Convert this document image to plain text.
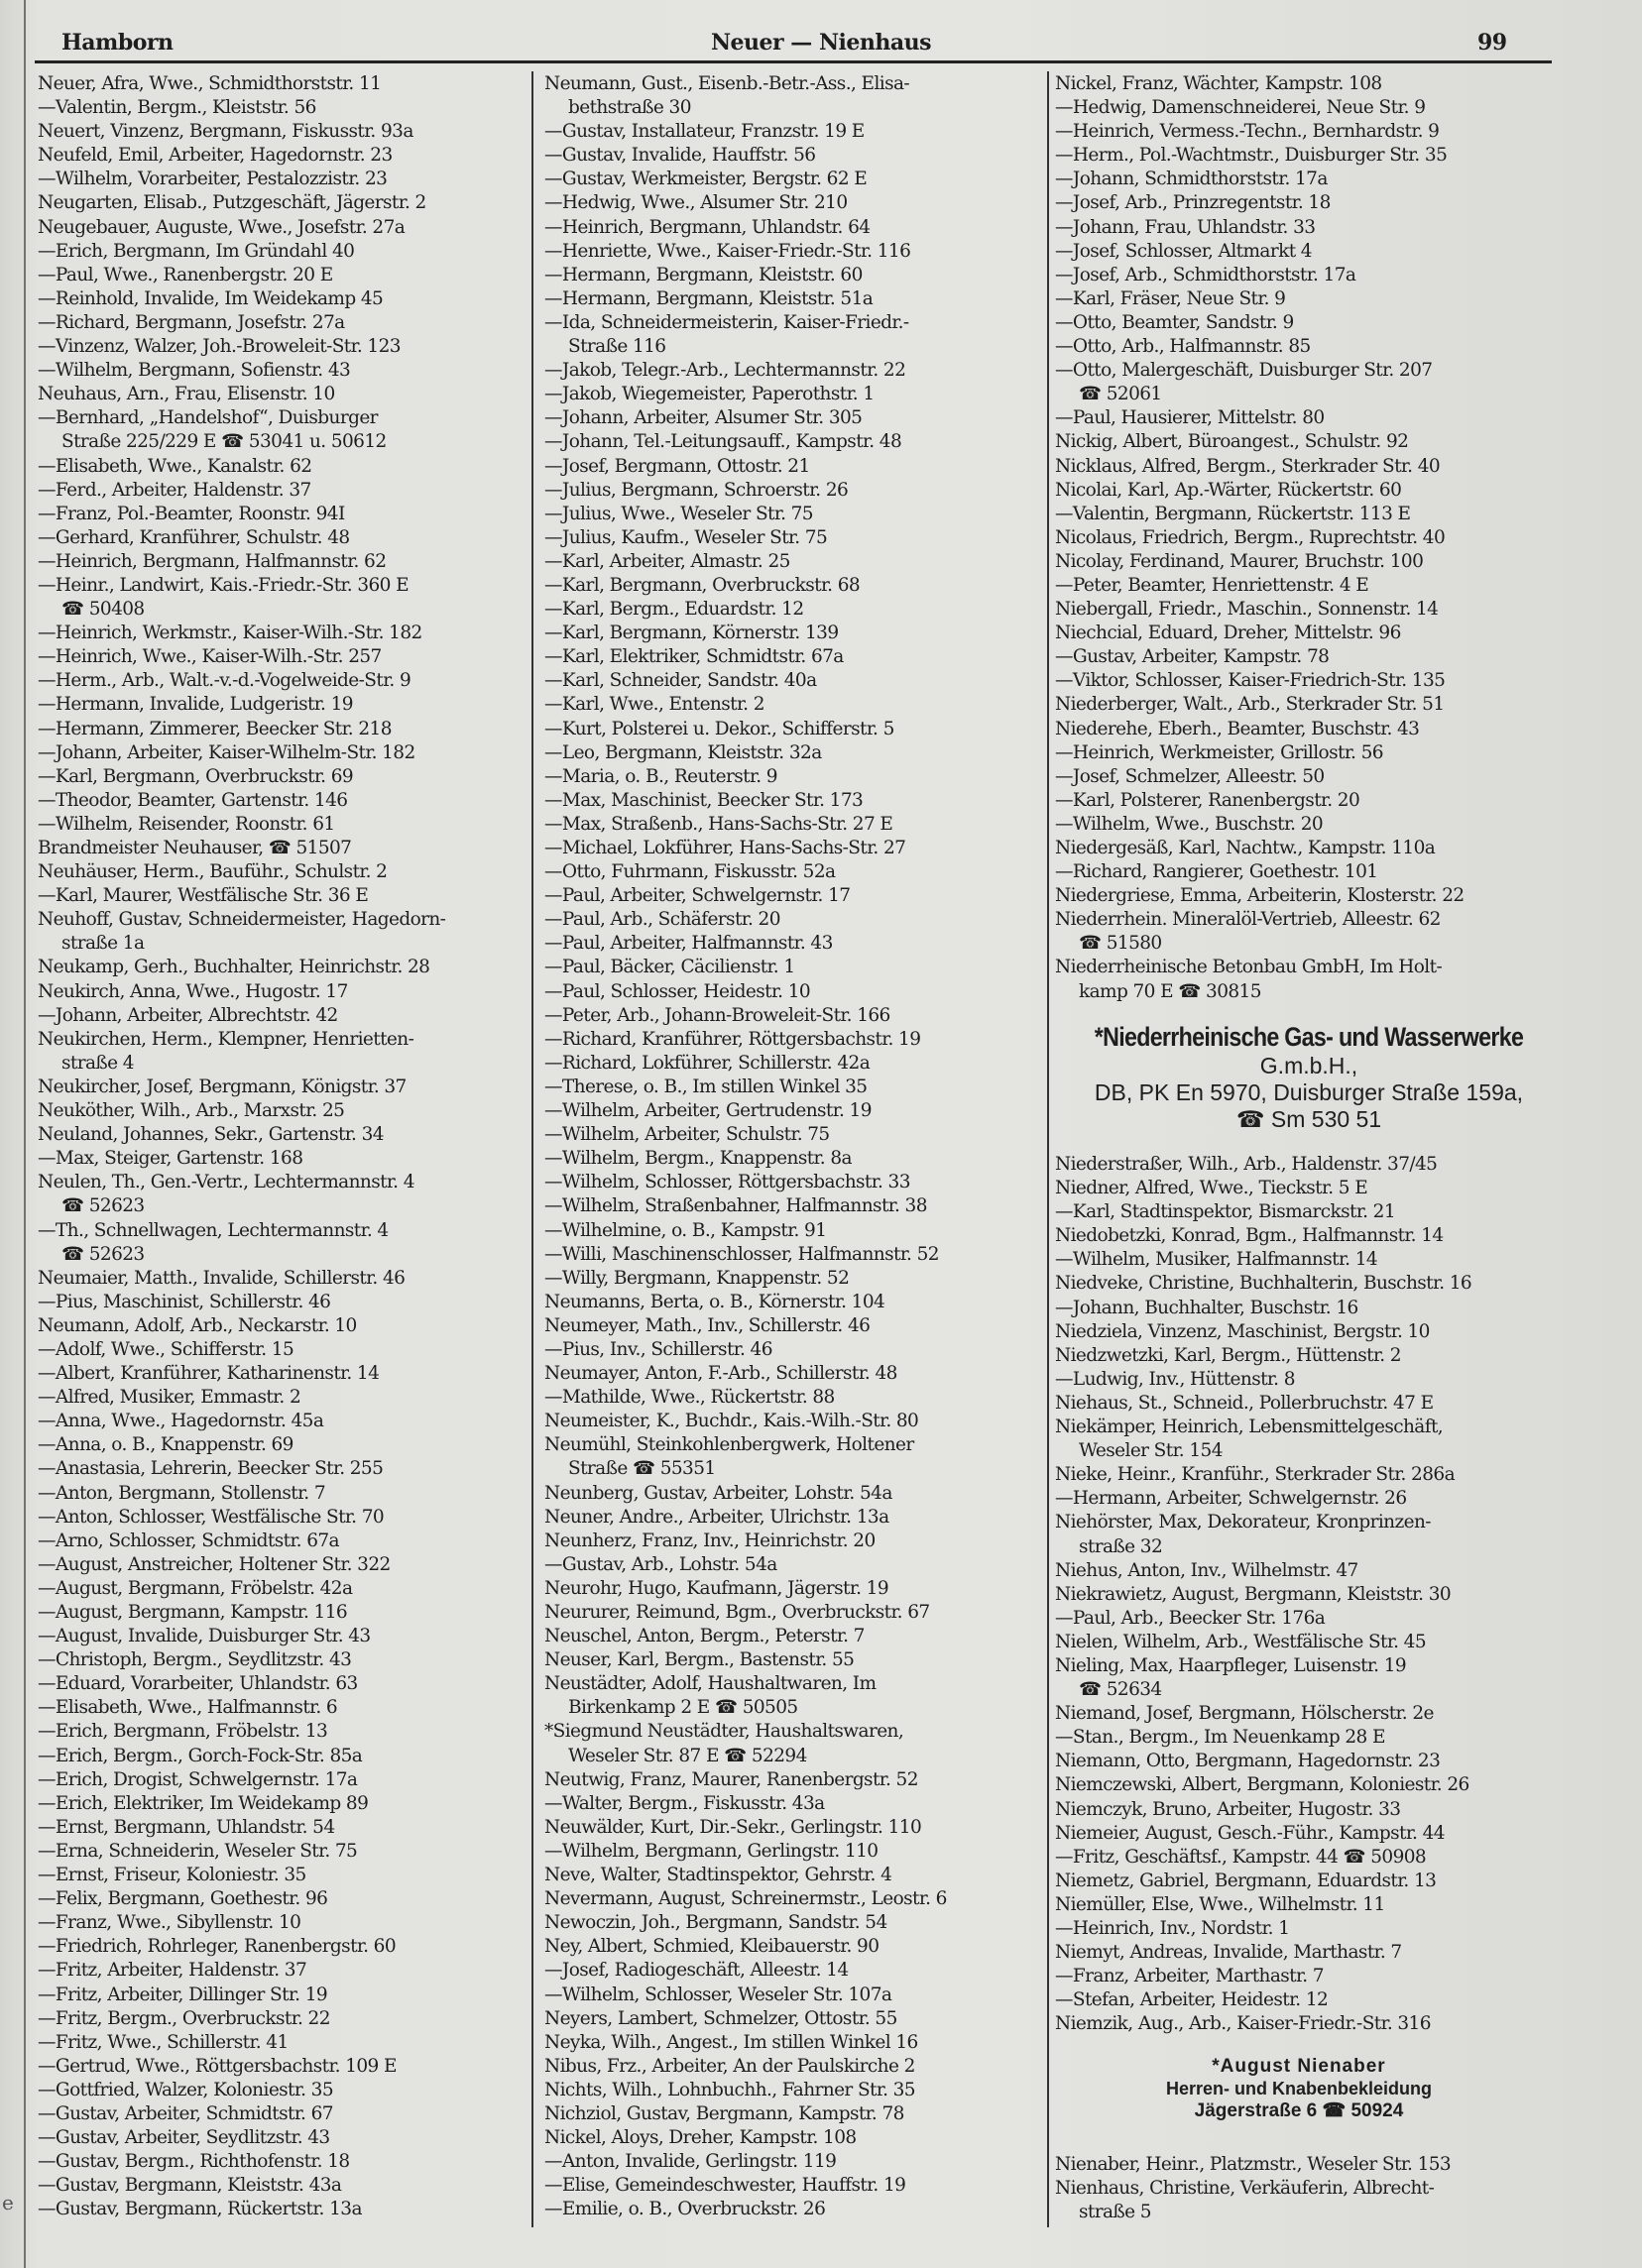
e
Hamborn	Neuer — Nienhaus	99
Neuer, Afra, Wwe., Schmidthorststr. 11
—Valentin, Bergm., Kleiststr. 56
Neuert, Vinzenz, Bergmann, Fiskusstr. 93a
Neufeld, Emil, Arbeiter, Hagedornstr. 23
—Wilhelm, Vorarbeiter, Pestalozzistr. 23
Neugarten, Elisab., Putzgeschäft, Jägerstr. 2
Neugebauer, Auguste, Wwe., Josefstr. 27a
—Erich, Bergmann, Im Gründahl 40
—Paul, Wwe., Ranenbergstr. 20 E
—Reinhold, Invalide, Im Weidekamp 45
—Richard, Bergmann, Josefstr. 27a
—Vinzenz, Walzer, Joh.-Broweleit-Str. 123
—Wilhelm, Bergmann, Sofienstr. 43
Neuhaus, Arn., Frau, Elisenstr. 10
—Bernhard, „Handelshof“, Duisburger
Straße 225/229 E ☎ 53041 u. 50612
—Elisabeth, Wwe., Kanalstr. 62
—Ferd., Arbeiter, Haldenstr. 37
—Franz, Pol.-Beamter, Roonstr. 94I
—Gerhard, Kranführer, Schulstr. 48
—Heinrich, Bergmann, Halfmannstr. 62
—Heinr., Landwirt, Kais.-Friedr.-Str. 360 E
☎ 50408
—Heinrich, Werkmstr., Kaiser-Wilh.-Str. 182
—Heinrich, Wwe., Kaiser-Wilh.-Str. 257
—Herm., Arb., Walt.-v.-d.-Vogelweide-Str. 9
—Hermann, Invalide, Ludgeristr. 19
—Hermann, Zimmerer, Beecker Str. 218
—Johann, Arbeiter, Kaiser-Wilhelm-Str. 182
—Karl, Bergmann, Overbruckstr. 69
—Theodor, Beamter, Gartenstr. 146
—Wilhelm, Reisender, Roonstr. 61
Brandmeister Neuhauser, ☎ 51507
Neuhäuser, Herm., Bauführ., Schulstr. 2
—Karl, Maurer, Westfälische Str. 36 E
Neuhoff, Gustav, Schneidermeister, Hagedorn-
straße 1a
Neukamp, Gerh., Buchhalter, Heinrichstr. 28
Neukirch, Anna, Wwe., Hugostr. 17
—Johann, Arbeiter, Albrechtstr. 42
Neukirchen, Herm., Klempner, Henrietten-
straße 4
Neukircher, Josef, Bergmann, Königstr. 37
Neuköther, Wilh., Arb., Marxstr. 25
Neuland, Johannes, Sekr., Gartenstr. 34
—Max, Steiger, Gartenstr. 168
Neulen, Th., Gen.-Vertr., Lechtermannstr. 4
☎ 52623
—Th., Schnellwagen, Lechtermannstr. 4
☎ 52623
Neumaier, Matth., Invalide, Schillerstr. 46
—Pius, Maschinist, Schillerstr. 46
Neumann, Adolf, Arb., Neckarstr. 10
—Adolf, Wwe., Schifferstr. 15
—Albert, Kranführer, Katharinenstr. 14
—Alfred, Musiker, Emmastr. 2
—Anna, Wwe., Hagedornstr. 45a
—Anna, o. B., Knappenstr. 69
—Anastasia, Lehrerin, Beecker Str. 255
—Anton, Bergmann, Stollenstr. 7
—Anton, Schlosser, Westfälische Str. 70
—Arno, Schlosser, Schmidtstr. 67a
—August, Anstreicher, Holtener Str. 322
—August, Bergmann, Fröbelstr. 42a
—August, Bergmann, Kampstr. 116
—August, Invalide, Duisburger Str. 43
—Christoph, Bergm., Seydlitzstr. 43
—Eduard, Vorarbeiter, Uhlandstr. 63
—Elisabeth, Wwe., Halfmannstr. 6
—Erich, Bergmann, Fröbelstr. 13
—Erich, Bergm., Gorch-Fock-Str. 85a
—Erich, Drogist, Schwelgernstr. 17a
—Erich, Elektriker, Im Weidekamp 89
—Ernst, Bergmann, Uhlandstr. 54
—Erna, Schneiderin, Weseler Str. 75
—Ernst, Friseur, Koloniestr. 35
—Felix, Bergmann, Goethestr. 96
—Franz, Wwe., Sibyllenstr. 10
—Friedrich, Rohrleger, Ranenbergstr. 60
—Fritz, Arbeiter, Haldenstr. 37
—Fritz, Arbeiter, Dillinger Str. 19
—Fritz, Bergm., Overbruckstr. 22
—Fritz, Wwe., Schillerstr. 41
—Gertrud, Wwe., Röttgersbachstr. 109 E
—Gottfried, Walzer, Koloniestr. 35
—Gustav, Arbeiter, Schmidtstr. 67
—Gustav, Arbeiter, Seydlitzstr. 43
—Gustav, Bergm., Richthofenstr. 18
—Gustav, Bergmann, Kleiststr. 43a
—Gustav, Bergmann, Rückertstr. 13a
Neumann, Gust., Eisenb.-Betr.-Ass., Elisa-
bethstraße 30
—Gustav, Installateur, Franzstr. 19 E
—Gustav, Invalide, Hauffstr. 56
—Gustav, Werkmeister, Bergstr. 62 E
—Hedwig, Wwe., Alsumer Str. 210
—Heinrich, Bergmann, Uhlandstr. 64
—Henriette, Wwe., Kaiser-Friedr.-Str. 116
—Hermann, Bergmann, Kleiststr. 60
—Hermann, Bergmann, Kleiststr. 51a
—Ida, Schneidermeisterin, Kaiser-Friedr.-
Straße 116
—Jakob, Telegr.-Arb., Lechtermannstr. 22
—Jakob, Wiegemeister, Paperothstr. 1
—Johann, Arbeiter, Alsumer Str. 305
—Johann, Tel.-Leitungsauff., Kampstr. 48
—Josef, Bergmann, Ottostr. 21
—Julius, Bergmann, Schroerstr. 26
—Julius, Wwe., Weseler Str. 75
—Julius, Kaufm., Weseler Str. 75
—Karl, Arbeiter, Almastr. 25
—Karl, Bergmann, Overbruckstr. 68
—Karl, Bergm., Eduardstr. 12
—Karl, Bergmann, Körnerstr. 139
—Karl, Elektriker, Schmidtstr. 67a
—Karl, Schneider, Sandstr. 40a
—Karl, Wwe., Entenstr. 2
—Kurt, Polsterei u. Dekor., Schifferstr. 5
—Leo, Bergmann, Kleiststr. 32a
—Maria, o. B., Reuterstr. 9
—Max, Maschinist, Beecker Str. 173
—Max, Straßenb., Hans-Sachs-Str. 27 E
—Michael, Lokführer, Hans-Sachs-Str. 27
—Otto, Fuhrmann, Fiskusstr. 52a
—Paul, Arbeiter, Schwelgernstr. 17
—Paul, Arb., Schäferstr. 20
—Paul, Arbeiter, Halfmannstr. 43
—Paul, Bäcker, Cäcilienstr. 1
—Paul, Schlosser, Heidestr. 10
—Peter, Arb., Johann-Broweleit-Str. 166
—Richard, Kranführer, Röttgersbachstr. 19
—Richard, Lokführer, Schillerstr. 42a
—Therese, o. B., Im stillen Winkel 35
—Wilhelm, Arbeiter, Gertrudenstr. 19
—Wilhelm, Arbeiter, Schulstr. 75
—Wilhelm, Bergm., Knappenstr. 8a
—Wilhelm, Schlosser, Röttgersbachstr. 33
—Wilhelm, Straßenbahner, Halfmannstr. 38
—Wilhelmine, o. B., Kampstr. 91
—Willi, Maschinenschlosser, Halfmannstr. 52
—Willy, Bergmann, Knappenstr. 52
Neumanns, Berta, o. B., Körnerstr. 104
Neumeyer, Math., Inv., Schillerstr. 46
—Pius, Inv., Schillerstr. 46
Neumayer, Anton, F.-Arb., Schillerstr. 48
—Mathilde, Wwe., Rückertstr. 88
Neumeister, K., Buchdr., Kais.-Wilh.-Str. 80
Neumühl, Steinkohlenbergwerk, Holtener
Straße ☎ 55351
Neunberg, Gustav, Arbeiter, Lohstr. 54a
Neuner, Andre., Arbeiter, Ulrichstr. 13a
Neunherz, Franz, Inv., Heinrichstr. 20
—Gustav, Arb., Lohstr. 54a
Neurohr, Hugo, Kaufmann, Jägerstr. 19
Neururer, Reimund, Bgm., Overbruckstr. 67
Neuschel, Anton, Bergm., Peterstr. 7
Neuser, Karl, Bergm., Bastenstr. 55
Neustädter, Adolf, Haushaltwaren, Im
Birkenkamp 2 E ☎ 50505
*Siegmund Neustädter, Haushaltswaren,
Weseler Str. 87 E ☎ 52294
Neutwig, Franz, Maurer, Ranenbergstr. 52
—Walter, Bergm., Fiskusstr. 43a
Neuwälder, Kurt, Dir.-Sekr., Gerlingstr. 110
—Wilhelm, Bergmann, Gerlingstr. 110
Neve, Walter, Stadtinspektor, Gehrstr. 4
Nevermann, August, Schreinermstr., Leostr. 6
Newoczin, Joh., Bergmann, Sandstr. 54
Ney, Albert, Schmied, Kleibauerstr. 90
—Josef, Radiogeschäft, Alleestr. 14
—Wilhelm, Schlosser, Weseler Str. 107a
Neyers, Lambert, Schmelzer, Ottostr. 55
Neyka, Wilh., Angest., Im stillen Winkel 16
Nibus, Frz., Arbeiter, An der Paulskirche 2
Nichts, Wilh., Lohnbuchh., Fahrner Str. 35
Nichziol, Gustav, Bergmann, Kampstr. 78
Nickel, Aloys, Dreher, Kampstr. 108
—Anton, Invalide, Gerlingstr. 119
—Elise, Gemeindeschwester, Hauffstr. 19
—Emilie, o. B., Overbruckstr. 26
Nickel, Franz, Wächter, Kampstr. 108
—Hedwig, Damenschneiderei, Neue Str. 9
—Heinrich, Vermess.-Techn., Bernhardstr. 9
—Herm., Pol.-Wachtmstr., Duisburger Str. 35
—Johann, Schmidthorststr. 17a
—Josef, Arb., Prinzregentstr. 18
—Johann, Frau, Uhlandstr. 33
—Josef, Schlosser, Altmarkt 4
—Josef, Arb., Schmidthorststr. 17a
—Karl, Fräser, Neue Str. 9
—Otto, Beamter, Sandstr. 9
—Otto, Arb., Halfmannstr. 85
—Otto, Malergeschäft, Duisburger Str. 207
☎ 52061
—Paul, Hausierer, Mittelstr. 80
Nickig, Albert, Büroangest., Schulstr. 92
Nicklaus, Alfred, Bergm., Sterkrader Str. 40
Nicolai, Karl, Ap.-Wärter, Rückertstr. 60
—Valentin, Bergmann, Rückertstr. 113 E
Nicolaus, Friedrich, Bergm., Ruprechtstr. 40
Nicolay, Ferdinand, Maurer, Bruchstr. 100
—Peter, Beamter, Henriettenstr. 4 E
Niebergall, Friedr., Maschin., Sonnenstr. 14
Niechcial, Eduard, Dreher, Mittelstr. 96
—Gustav, Arbeiter, Kampstr. 78
—Viktor, Schlosser, Kaiser-Friedrich-Str. 135
Niederberger, Walt., Arb., Sterkrader Str. 51
Niederehe, Eberh., Beamter, Buschstr. 43
—Heinrich, Werkmeister, Grillostr. 56
—Josef, Schmelzer, Alleestr. 50
—Karl, Polsterer, Ranenbergstr. 20
—Wilhelm, Wwe., Buschstr. 20
Niedergesäß, Karl, Nachtw., Kampstr. 110a
—Richard, Rangierer, Goethestr. 101
Niedergriese, Emma, Arbeiterin, Klosterstr. 22
Niederrhein. Mineralöl-Vertrieb, Alleestr. 62
☎ 51580
Niederrheinische Betonbau GmbH, Im Holt-
kamp 70 E ☎ 30815
*Niederrheinische Gas- und Wasserwerke
G.m.b.H.,
DB, PK En 5970, Duisburger Straße 159a,
☎ Sm 530 51
Niederstraßer, Wilh., Arb., Haldenstr. 37/45
Niedner, Alfred, Wwe., Tieckstr. 5 E
—Karl, Stadtinspektor, Bismarckstr. 21
Niedobetzki, Konrad, Bgm., Halfmannstr. 14
—Wilhelm, Musiker, Halfmannstr. 14
Niedveke, Christine, Buchhalterin, Buschstr. 16
—Johann, Buchhalter, Buschstr. 16
Niedziela, Vinzenz, Maschinist, Bergstr. 10
Niedzwetzki, Karl, Bergm., Hüttenstr. 2
—Ludwig, Inv., Hüttenstr. 8
Niehaus, St., Schneid., Pollerbruchstr. 47 E
Niekämper, Heinrich, Lebensmittelgeschäft,
Weseler Str. 154
Nieke, Heinr., Kranführ., Sterkrader Str. 286a
—Hermann, Arbeiter, Schwelgernstr. 26
Niehörster, Max, Dekorateur, Kronprinzen-
straße 32
Niehus, Anton, Inv., Wilhelmstr. 47
Niekrawietz, August, Bergmann, Kleiststr. 30
—Paul, Arb., Beecker Str. 176a
Nielen, Wilhelm, Arb., Westfälische Str. 45
Nieling, Max, Haarpfleger, Luisenstr. 19
☎ 52634
Niemand, Josef, Bergmann, Hölscherstr. 2e
—Stan., Bergm., Im Neuenkamp 28 E
Niemann, Otto, Bergmann, Hagedornstr. 23
Niemczewski, Albert, Bergmann, Koloniestr. 26
Niemczyk, Bruno, Arbeiter, Hugostr. 33
Niemeier, August, Gesch.-Führ., Kampstr. 44
—Fritz, Geschäftsf., Kampstr. 44 ☎ 50908
Niemetz, Gabriel, Bergmann, Eduardstr. 13
Niemüller, Else, Wwe., Wilhelmstr. 11
—Heinrich, Inv., Nordstr. 1
Niemyt, Andreas, Invalide, Marthastr. 7
—Franz, Arbeiter, Marthastr. 7
—Stefan, Arbeiter, Heidestr. 12
Niemzik, Aug., Arb., Kaiser-Friedr.-Str. 316
*August Nienaber
Herren- und Knabenbekleidung
Jägerstraße 6 ☎ 50924
Nienaber, Heinr., Platzmstr., Weseler Str. 153
Nienhaus, Christine, Verkäuferin, Albrecht-
straße 5
